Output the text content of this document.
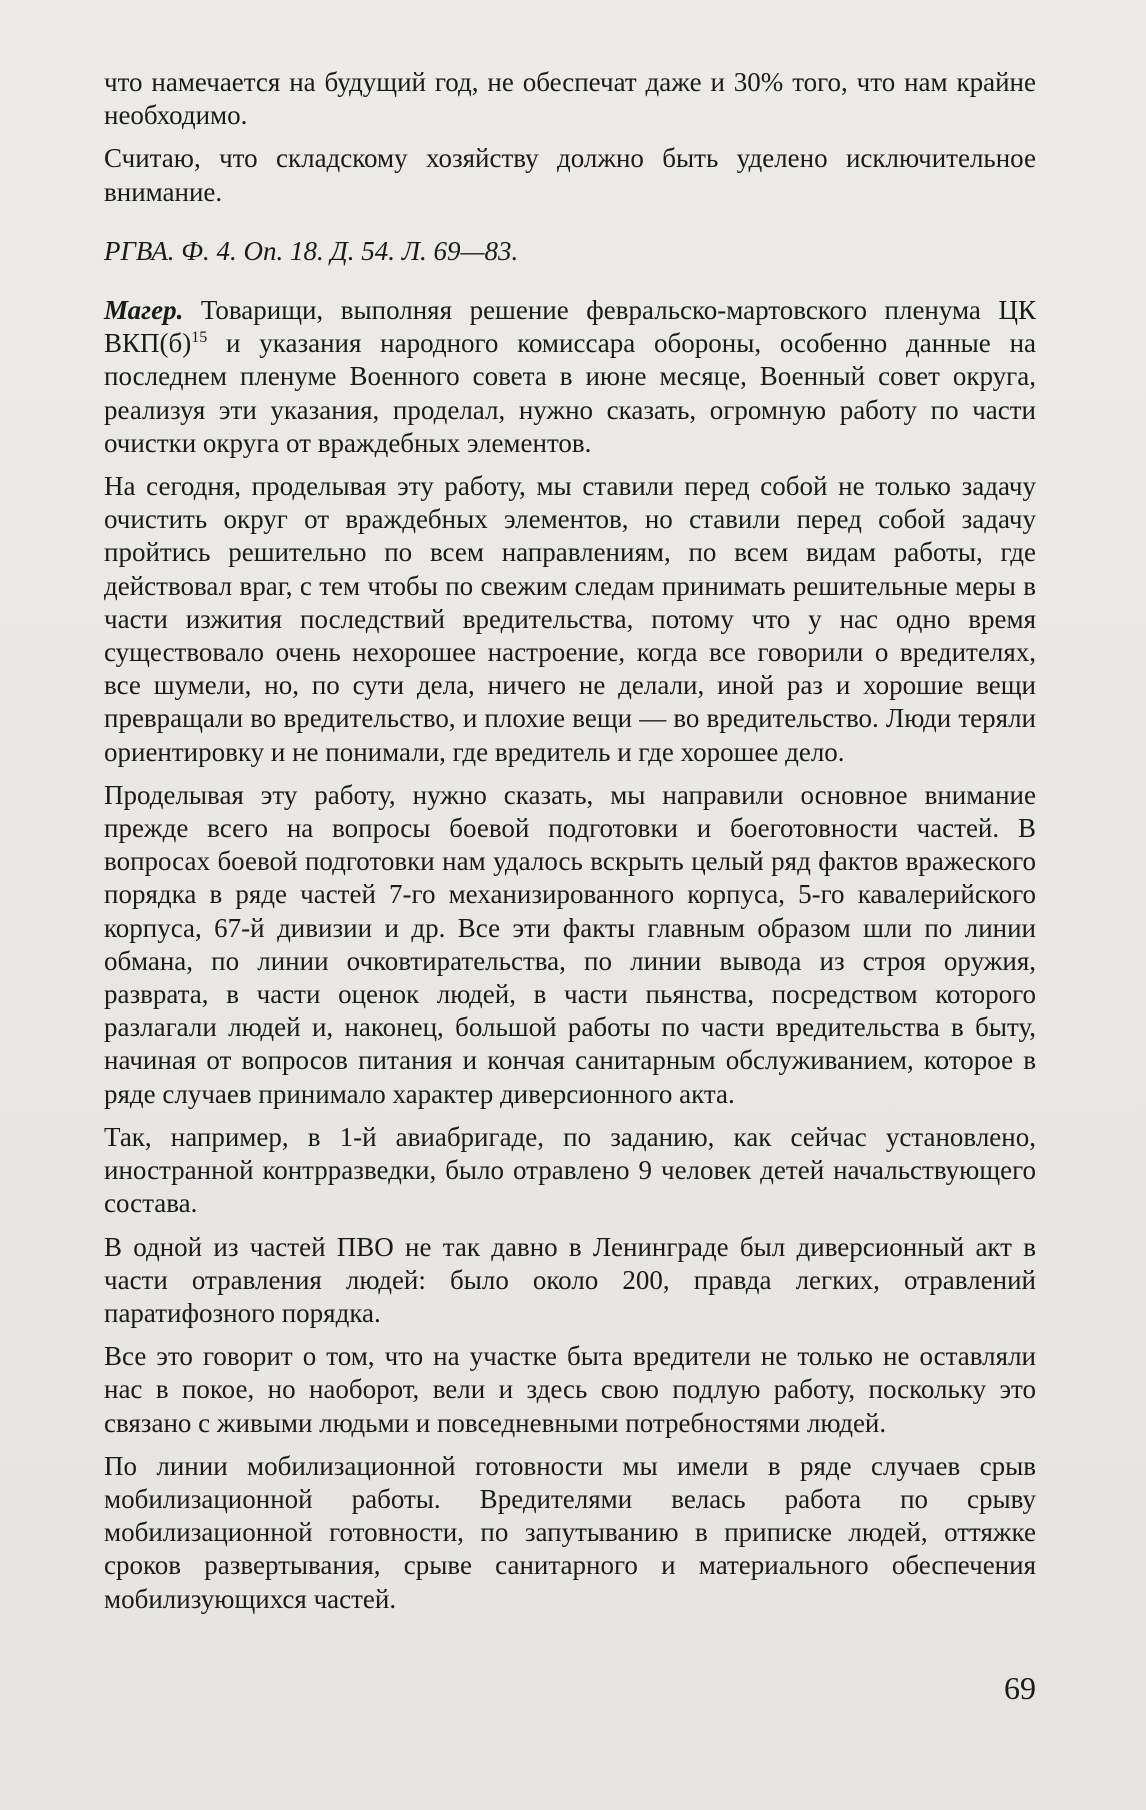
что намечается на будущий год, не обеспечат даже и 30% того, что нам крайне необходимо.

Считаю, что складскому хозяйству должно быть уделено исключительное внимание.

РГВА. Ф. 4. Оп. 18. Д. 54. Л. 69—83.

Магер. Товарищи, выполняя решение февральско-мартовского пленума ЦК $ВКП(б)^{15}$ и указания народного комиссара обороны, особенно данные на последнем пленуме Военного совета в июне месяце, Военный совет округа, реализуя эти указания, проделал, нужно сказать, огромную работу по части очистки округа от враждебных элементов.

На сегодня, проделывая эту работу, мы ставили перед собой не только задачу очистить округ от враждебных элементов, но ставили перед собой задачу пройтись решительно по всем направлениям, по всем видам работы, где действовал враг, с тем чтобы по свежим следам принимать решительные меры в части изжития последствий вредительства, потому что у нас одно время существовало очень нехорошее настроение, когда все говорили о вредителях, все шумели, но, по сути дела, ничего не делали, иной раз и хорошие вещи превращали во вредительство, и плохие вещи — во вредительство. Люди теряли ориентировку и не понимали, где вредитель и где хорошее дело.

Проделывая эту работу, нужно сказать, мы направили основное внимание прежде всего на вопросы боевой подготовки и боеготовности частей. В вопросах боевой подготовки нам удалось вскрыть целый ряд фактов вражеского порядка в ряде частей 7-го механизированного корпуса, 5-го кавалерийского корпуса, 67-й дивизии и др. Все эти факты главным образом шли по линии обмана, по линии очковтирательства, по линии вывода из строя оружия, разврата, в части оценок людей, в части пьянства, посредством которого разлагали людей и, наконец, большой работы по части вредительства в быту, начиная от вопросов питания и кончая санитарным обслуживанием, которое в ряде случаев принимало характер диверсионного акта.

Так, например, в 1-й авиабригаде, по заданию, как сейчас установлено, иностранной контрразведки, было отравлено 9 человек детей начальствующего состава.

В одной из частей ПВО не так давно в Ленинграде был диверсионный акт в части отравления людей: было около 200, правда легких, отравлений паратифозного порядка.

Все это говорит о том, что на участке быта вредители не только не оставляли нас в покое, но наоборот, вели и здесь свою подлую работу, поскольку это связано с живыми людьми и повседневными потребностями людей.

По линии мобилизационной готовности мы имели в ряде случаев срыв мобилизационной работы. Вредителями велась работа по срыву мобилизационной готовности, по запутыванию в приписке людей, оттяжке сроков развертывания, срыве санитарного и материального обеспечения мобилизующихся частей.

69
